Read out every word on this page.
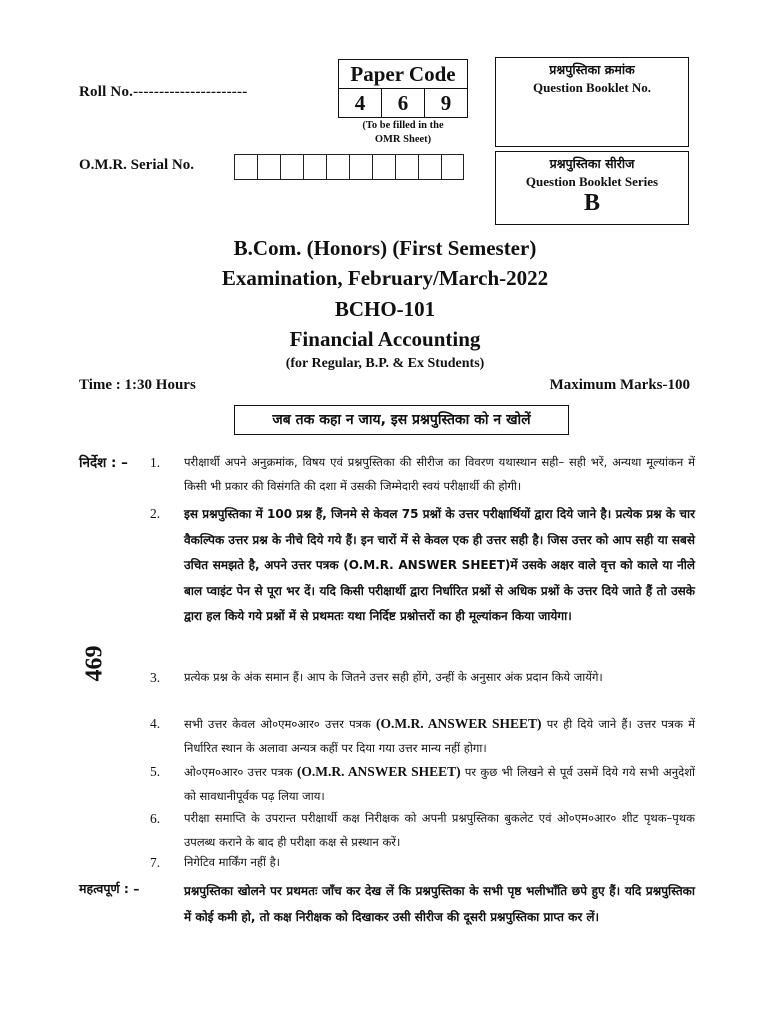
Roll No.----------------------
O.M.R. Serial No.
Paper Code
4	6	9
(To be filled in the
OMR Sheet)
प्रश्नपुस्तिका क्रमांक
Question Booklet No.
प्रश्नपुस्तिका सीरीज
Question Booklet Series
B
B.Com. (Honors) (First Semester)
Examination, February/March-2022
BCHO-101
Financial Accounting
(for Regular, B.P. & Ex Students)
Time : 1:30 Hours	Maximum Marks-100
जब तक कहा न जाय, इस प्रश्नपुस्तिका को न खोलें
469
निर्देश : – 1.	परीक्षार्थी अपने अनुक्रमांक, विषय एवं प्रश्नपुस्तिका की सीरीज का विवरण यथास्थान सही– सही भरें, अन्यथा मूल्यांकन में किसी भी प्रकार की विसंगति की दशा में उसकी जिम्मेदारी स्वयं परीक्षार्थी की होगी।
2.	इस प्रश्नपुस्तिका में 100 प्रश्न हैं, जिनमे से केवल 75 प्रश्नों के उत्तर परीक्षार्थियों द्वारा दिये जाने है। प्रत्येक प्रश्न के चार वैकल्पिक उत्तर प्रश्न के नीचे दिये गये हैं। इन चारों में से केवल एक ही उत्तर सही है। जिस उत्तर को आप सही या सबसे उचित समझते है, अपने उत्तर पत्रक (O.M.R. ANSWER SHEET)में उसके अक्षर वाले वृत्त को काले या नीले बाल प्वाइंट पेन से पूरा भर दें। यदि किसी परीक्षार्थी द्वारा निर्धारित प्रश्नों से अधिक प्रश्नों के उत्तर दिये जाते हैं तो उसके द्वारा हल किये गये प्रश्नों में से प्रथमतः यथा निर्दिष्ट प्रश्नोत्तरों का ही मूल्यांकन किया जायेगा।
3.	प्रत्येक प्रश्न के अंक समान हैं। आप के जितने उत्तर सही होंगे, उन्हीं के अनुसार अंक प्रदान किये जायेंगे।
4.	सभी उत्तर केवल ओ०एम०आर० उत्तर पत्रक (O.M.R. ANSWER SHEET) पर ही दिये जाने हैं। उत्तर पत्रक में निर्धारित स्थान के अलावा अन्यत्र कहीं पर दिया गया उत्तर मान्य नहीं होगा।
5.	ओ०एम०आर० उत्तर पत्रक (O.M.R. ANSWER SHEET) पर कुछ भी लिखने से पूर्व उसमें दिये गये सभी अनुदेशों को सावधानीपूर्वक पढ़ लिया जाय।
6.	परीक्षा समाप्ति के उपरान्त परीक्षार्थी कक्ष निरीक्षक को अपनी प्रश्नपुस्तिका बुकलेट एवं ओ०एम०आर० शीट पृथक–पृथक उपलब्ध कराने के बाद ही परीक्षा कक्ष से प्रस्थान करें।
7.	निगेटिव मार्किंग नहीं है।
महत्वपूर्ण : –	प्रश्नपुस्तिका खोलने पर प्रथमतः जाँच कर देख लें कि प्रश्नपुस्तिका के सभी पृष्ठ भलीभाँति छपे हुए हैं। यदि प्रश्नपुस्तिका में कोई कमी हो, तो कक्ष निरीक्षक को दिखाकर उसी सीरीज की दूसरी प्रश्नपुस्तिका प्राप्त कर लें।
